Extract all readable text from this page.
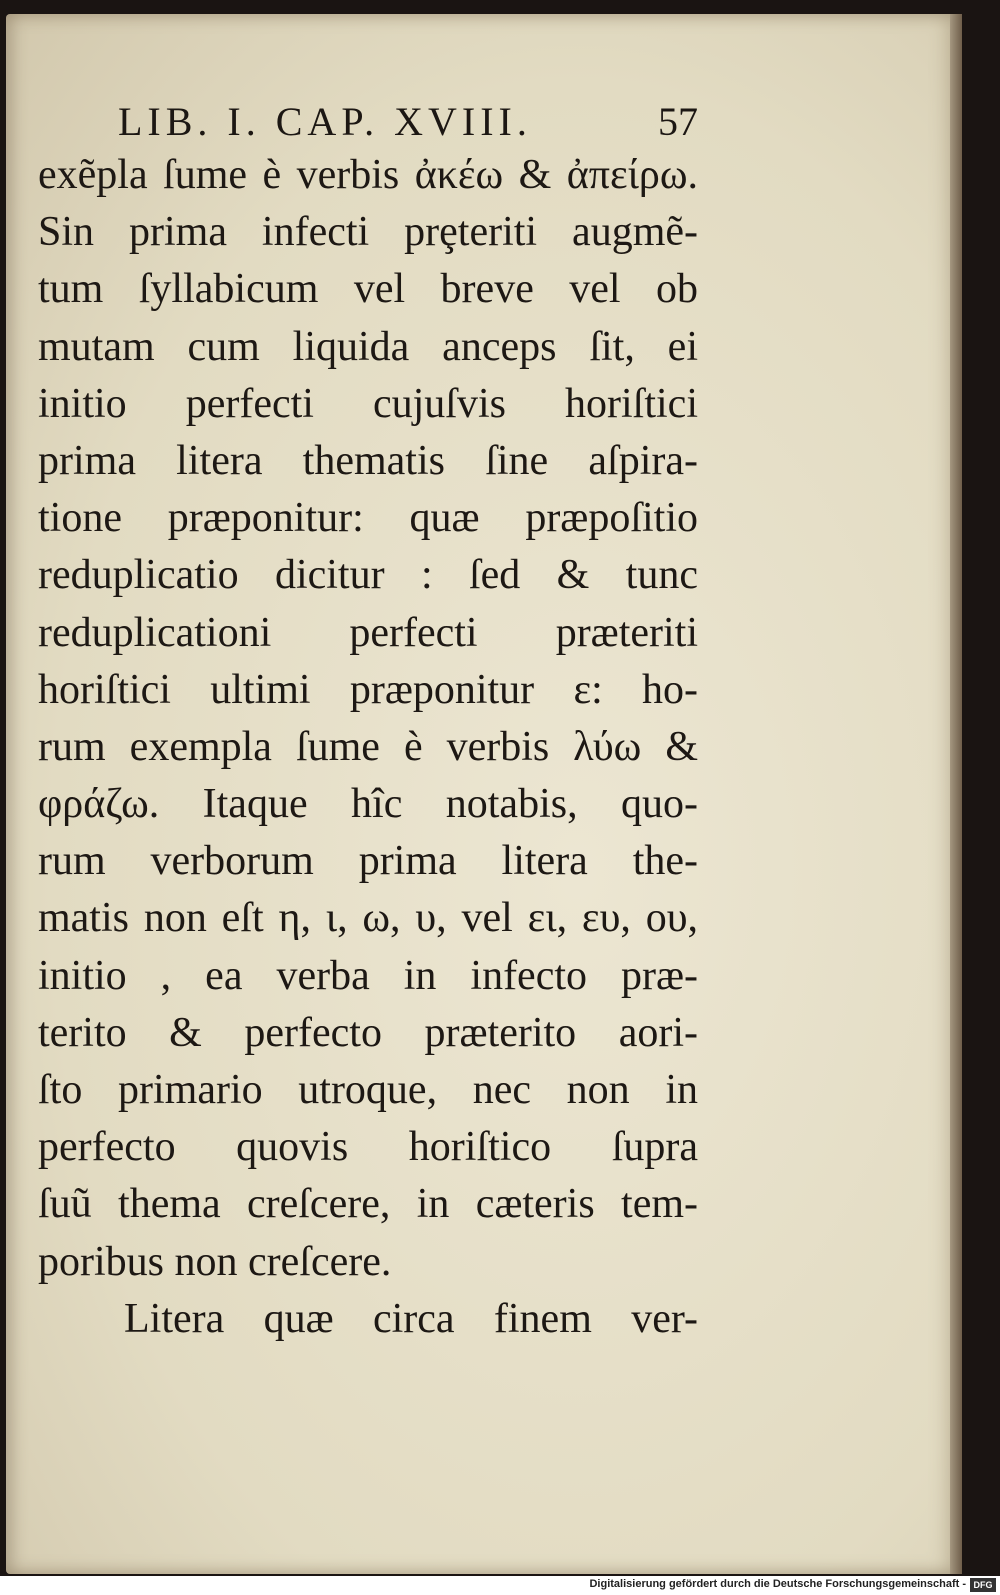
LIB. I. CAP. XVIII.	57
exẽpla ſume è verbis ἀκέω & ἀπείρω.
Sin prima infecti prȩteriti augmẽ-
tum ſyllabicum vel breve vel ob
mutam cum liquida anceps ſit, ei
initio perfecti cujuſvis horiſtici
prima litera thematis ſine aſpira-
tione præponitur: quæ præpoſitio
reduplicatio dicitur : ſed & tunc
reduplicationi perfecti præteriti
horiſtici ultimi præponitur ε: ho-
rum exempla ſume è verbis λύω &
φράζω. Itaque hîc notabis, quo-
rum verborum prima litera the-
matis non eſt η, ι, ω, υ, vel ει, ευ, ου,
initio , ea verba in infecto præ-
terito & perfecto præterito aori-
ſto primario utroque, nec non in
perfecto quovis horiſtico ſupra
ſuũ thema creſcere, in cæteris tem-
poribus non creſcere.
Litera quæ circa finem ver-
Digitalisierung gefördert durch die Deutsche Forschungsgemeinschaft - DFG
